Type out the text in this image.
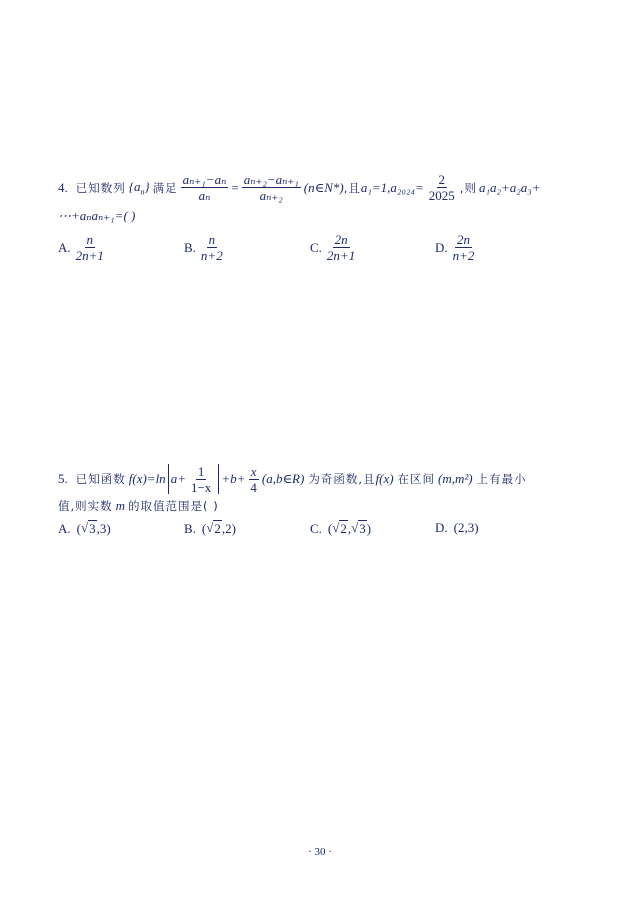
4. 已知数列 $\{a_n\}$ 满足 $\frac{\text{aₙ₊₁−aₙ}}{\text{aₙ}} = \frac{\text{aₙ₊₂−aₙ₊₁}}{\text{aₙ₊₂}}$ (n∈N*) ,且 $a_1=1,a_{2024}= \frac{2}{2025}$ ,则 a₁a₂+a₂a₃+
⋯+aₙaₙ₊₁=( )
A. $\frac{n}{2n+1}$	B. $\frac{n}{n+2}$	C. $\frac{2n}{2n+1}$	D. $\frac{2n}{n+2}$
5. 已知函数 f(x)=ln $a+ \frac{1}{1-x} +b+ \frac{x}{4}$ (a,b∈R) 为奇函数,且 f(x) 在区间 (m,m²) 上有最小
值,则实数 m 的取值范围是( )
A. ( √ 3 ,3)	B. ( √ 2 ,2)	C. ( √ 2 , √ 3 )	D. (2,3)
· 30 ·
